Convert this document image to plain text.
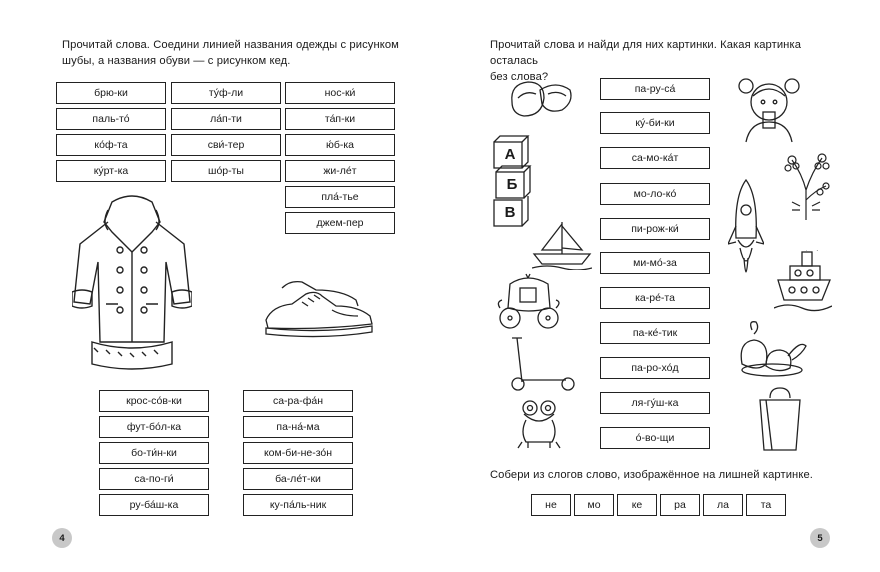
Прочитай слова. Соедини линией названия одежды с рисунком
шубы, а названия обуви — с рисунком кед.
брю-ки
паль-то́
ко́ф-та
ку́рт-ка
ту́ф-ли
ла́п-ти
сви́-тер
шо́р-ты
нос-ки́
та́п-ки
ю́б-ка
жи-ле́т
пла́-тье
джем-пер
крос-со́в-ки
фут-бо́л-ка
бо-ти́н-ки
са-по-ги́
ру-ба́ш-ка
са-ра-фа́н
па-на́-ма
ком-би-не-зо́н
ба-ле́т-ки
ку-па́ль-ник
4
Прочитай слова и найди для них картинки. Какая картинка осталась
без слова?
па-ру-са́
ку́-би-ки
са-мо-ка́т
мо-ло-ко́
пи-рож-ки́
ми-мо́-за
ка-ре́-та
па-ке́-тик
па-ро-хо́д
ля-гу́ш-ка
о́-во-щи
А
Б
В
Собери из слогов слово, изображённое на лишней картинке.
не	мо	ке	ра	ла	та
5
